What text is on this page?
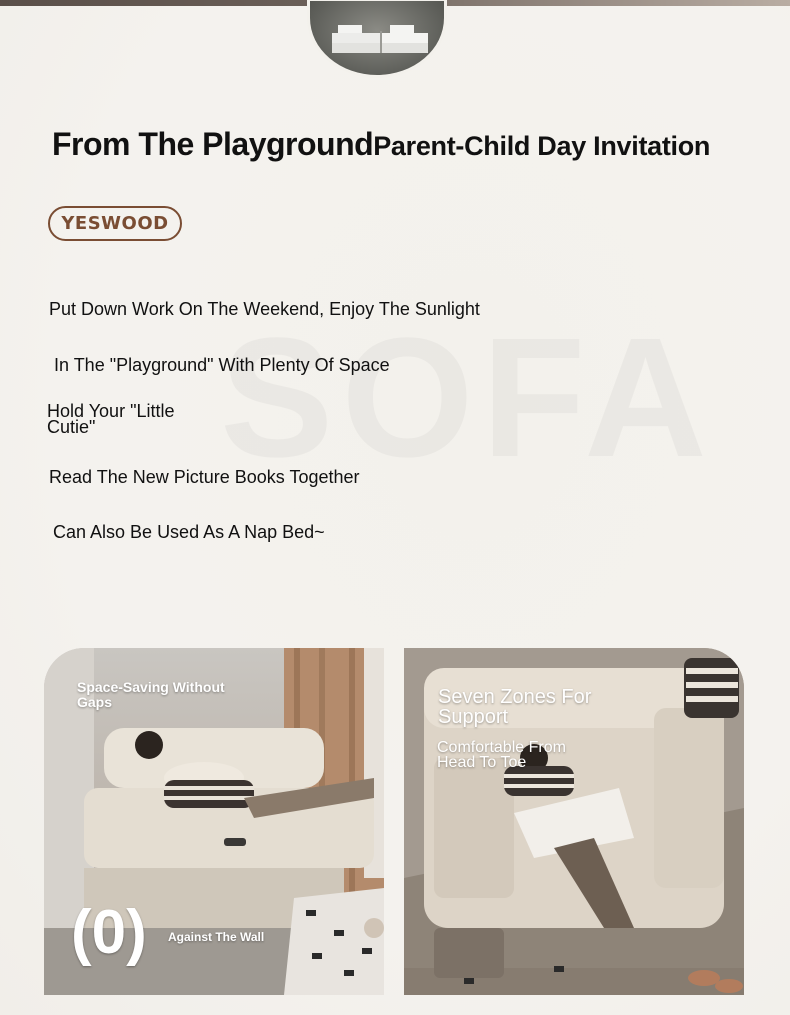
From The Playground Parent-Child Day Invitation
YESWOOD
Put Down Work On The Weekend, Enjoy The Sunlight
In The "Playground" With Plenty Of Space
Hold Your "Little
Cutie"
Read The New Picture Books Together
Can Also Be Used As A Nap Bed~
Space-Saving Without
Gaps
(0) Against The Wall
Seven Zones For
Support
Comfortable From
Head To Toe
